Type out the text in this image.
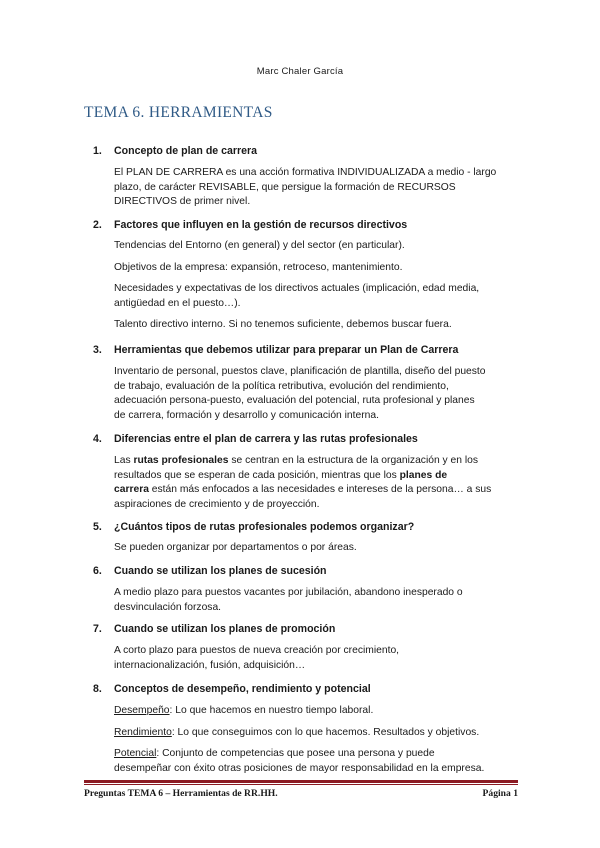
Marc Chaler García
TEMA 6. HERRAMIENTAS
1.	Concepto de plan de carrera

El PLAN DE CARRERA es una acción formativa INDIVIDUALIZADA a medio - largo

plazo, de carácter REVISABLE, que persigue la formación de RECURSOS

DIRECTIVOS de primer nivel.

2.	Factores que influyen en la gestión de recursos directivos

Tendencias del Entorno (en general) y del sector (en particular).

Objetivos de la empresa: expansión, retroceso, mantenimiento.

Necesidades y expectativas de los directivos actuales (implicación, edad media,

antigüedad en el puesto…).

Talento directivo interno. Si no tenemos suficiente, debemos buscar fuera.

3.	Herramientas que debemos utilizar para preparar un Plan de Carrera

Inventario de personal, puestos clave, planificación de plantilla, diseño del puesto

de trabajo, evaluación de la política retributiva, evolución del rendimiento,

adecuación persona-puesto, evaluación del potencial, ruta profesional y planes

de carrera, formación y desarrollo y comunicación interna.

4.	Diferencias entre el plan de carrera y las rutas profesionales

Las rutas profesionales se centran en la estructura de la organización y en los

resultados que se esperan de cada posición, mientras que los planes de

carrera están más enfocados a las necesidades e intereses de la persona… a sus

aspiraciones de crecimiento y de proyección.

5.	¿Cuántos tipos de rutas profesionales podemos organizar?

Se pueden organizar por departamentos o por áreas.

6.	Cuando se utilizan los planes de sucesión

A medio plazo para puestos vacantes por jubilación, abandono inesperado o

desvinculación forzosa.

7.	Cuando se utilizan los planes de promoción

A corto plazo para puestos de nueva creación por crecimiento,

internacionalización, fusión, adquisición…

8.	Conceptos de desempeño, rendimiento y potencial

Desempeño: Lo que hacemos en nuestro tiempo laboral.

Rendimiento: Lo que conseguimos con lo que hacemos. Resultados y objetivos.

Potencial: Conjunto de competencias que posee una persona y puede

desempeñar con éxito otras posiciones de mayor responsabilidad en la empresa.

Preguntas TEMA 6 – Herramientas de RR.HH.	Página 1
